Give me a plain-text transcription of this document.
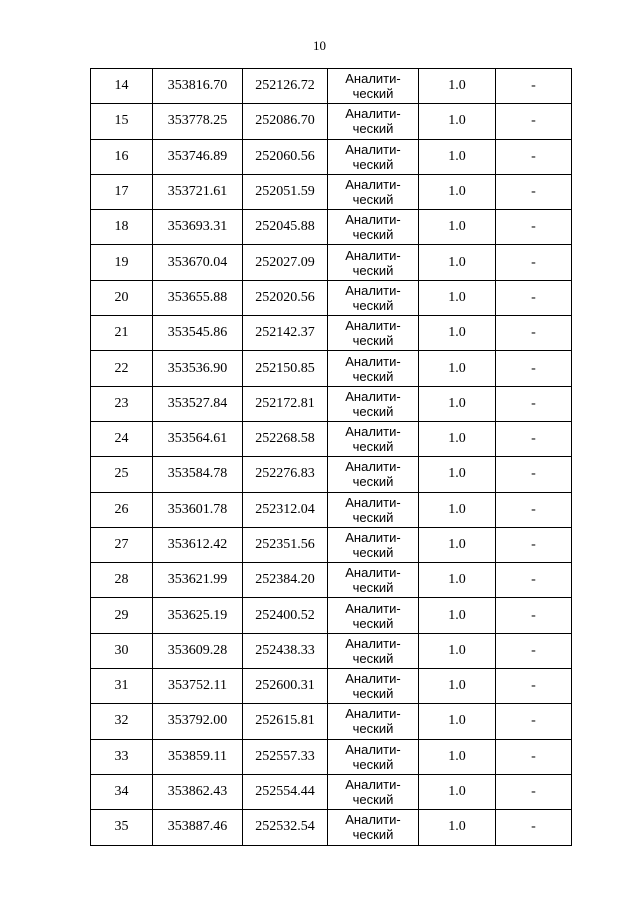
10
14	353816.70	252126.72	Аналити-
ческий	1.0	-
15	353778.25	252086.70	Аналити-
ческий	1.0	-
16	353746.89	252060.56	Аналити-
ческий	1.0	-
17	353721.61	252051.59	Аналити-
ческий	1.0	-
18	353693.31	252045.88	Аналити-
ческий	1.0	-
19	353670.04	252027.09	Аналити-
ческий	1.0	-
20	353655.88	252020.56	Аналити-
ческий	1.0	-
21	353545.86	252142.37	Аналити-
ческий	1.0	-
22	353536.90	252150.85	Аналити-
ческий	1.0	-
23	353527.84	252172.81	Аналити-
ческий	1.0	-
24	353564.61	252268.58	Аналити-
ческий	1.0	-
25	353584.78	252276.83	Аналити-
ческий	1.0	-
26	353601.78	252312.04	Аналити-
ческий	1.0	-
27	353612.42	252351.56	Аналити-
ческий	1.0	-
28	353621.99	252384.20	Аналити-
ческий	1.0	-
29	353625.19	252400.52	Аналити-
ческий	1.0	-
30	353609.28	252438.33	Аналити-
ческий	1.0	-
31	353752.11	252600.31	Аналити-
ческий	1.0	-
32	353792.00	252615.81	Аналити-
ческий	1.0	-
33	353859.11	252557.33	Аналити-
ческий	1.0	-
34	353862.43	252554.44	Аналити-
ческий	1.0	-
35	353887.46	252532.54	Аналити-
ческий	1.0	-
